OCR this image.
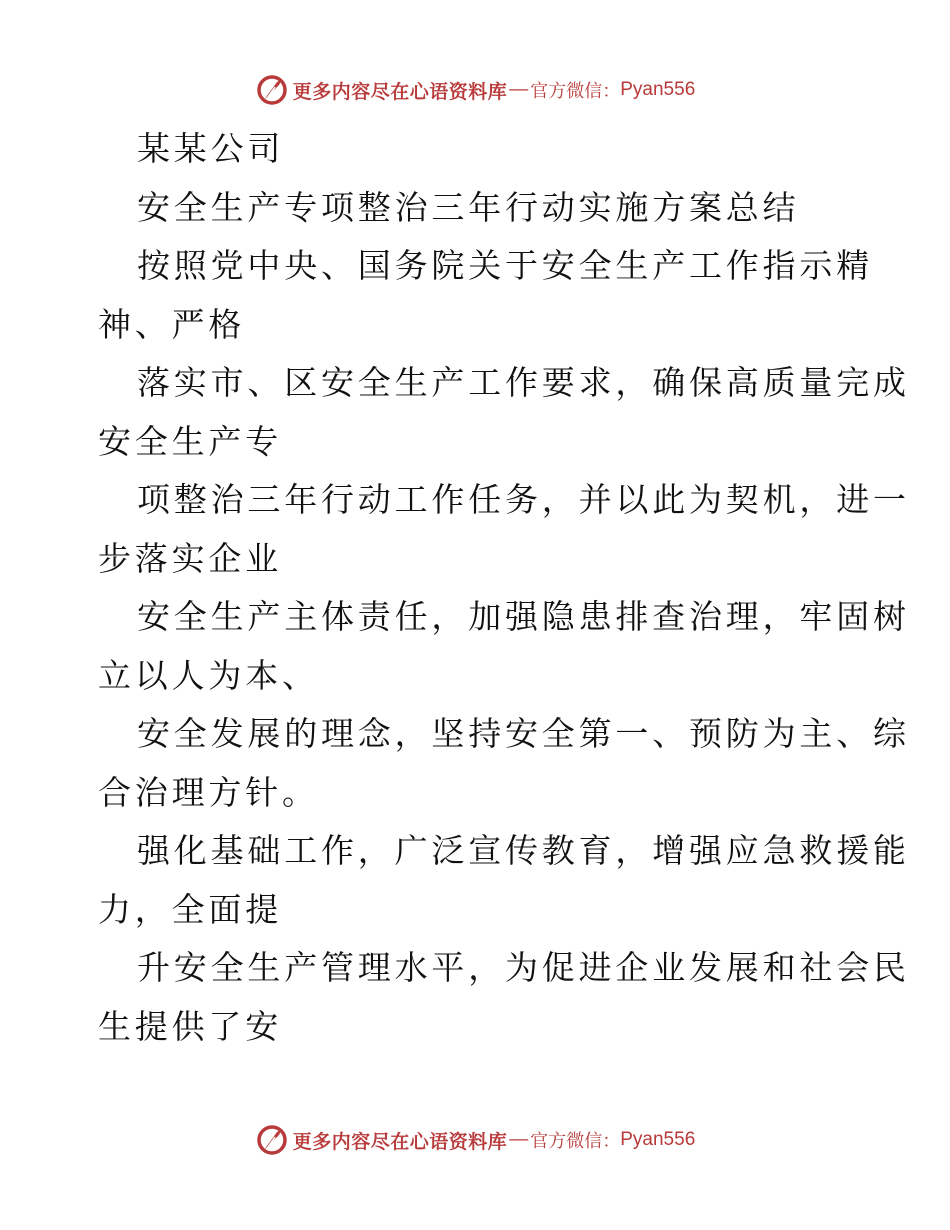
更多内容尽在心语资料库 — 官方微信： Pyan556
某某公司
安全生产专项整治三年行动实施方案总结
按照党中央、国务院关于安全生产工作指示精
神、严格
落实市、区安全生产工作要求，确保高质量完成
安全生产专
项整治三年行动工作任务，并以此为契机，进一
步落实企业
安全生产主体责任，加强隐患排查治理，牢固树
立以人为本、
安全发展的理念，坚持安全第一、预防为主、综
合治理方针。
强化基础工作，广泛宣传教育，增强应急救援能
力，全面提
升安全生产管理水平，为促进企业发展和社会民
生提供了安
更多内容尽在心语资料库 — 官方微信： Pyan556
